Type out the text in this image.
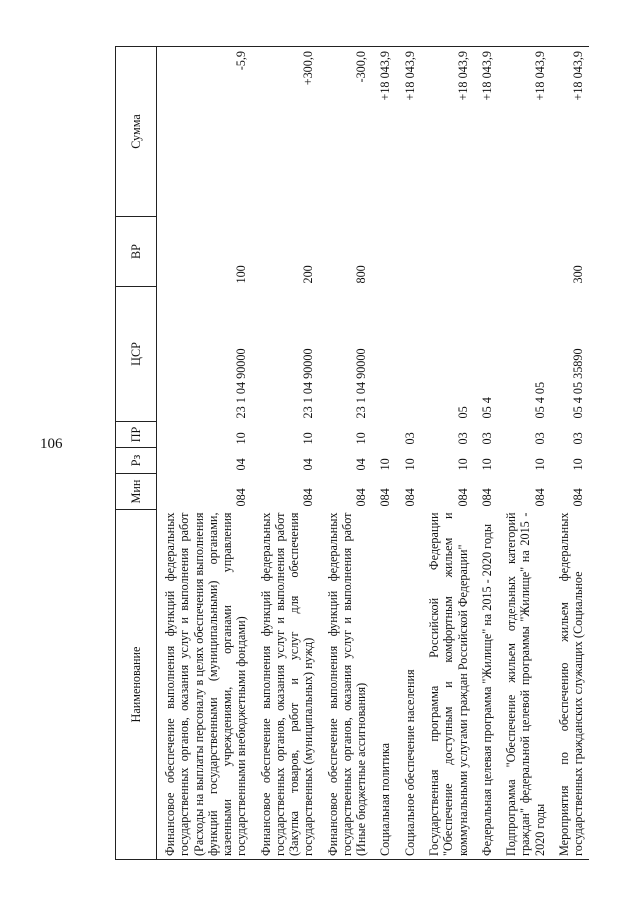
106
Наименование	Мин	Рз	ПР	ЦСР	ВР	Сумма
Финансовое обеспечение выполнения функций федеральных государственных органов, оказания услуг и выполнения работ (Расходы на выплаты персоналу в целях обеспечения выполнения функций государственными (муниципальными) органами, казенными учреждениями, органами управления государственными внебюджетными фондами)	084	04	10	23 1 04 90000	100	-5,9
Финансовое обеспечение выполнения функций федеральных государственных органов, оказания услуг и выполнения работ (Закупка товаров, работ и услуг для обеспечения государственных (муниципальных) нужд)	084	04	10	23 1 04 90000	200	+300,0
Финансовое обеспечение выполнения функций федеральных государственных органов, оказания услуг и выполнения работ (Иные бюджетные ассигнования)	084	04	10	23 1 04 90000	800	-300,0
Социальная политика	084	10				+18 043,9
Социальное обеспечение населения	084	10	03			+18 043,9
Государственная программа Российской Федерации "Обеспечение доступным и комфортным жильем и коммунальными услугами граждан Российской Федерации"	084	10	03	05		+18 043,9
Федеральная целевая программа "Жилище" на 2015 - 2020 годы	084	10	03	05 4		+18 043,9
Подпрограмма "Обеспечение жильем отдельных категорий граждан" федеральной целевой программы "Жилище" на 2015 - 2020 годы	084	10	03	05 4 05		+18 043,9
Мероприятия по обеспечению жильем федеральных государственных гражданских служащих (Социальное	084	10	03	05 4 05 35890	300	+18 043,9
